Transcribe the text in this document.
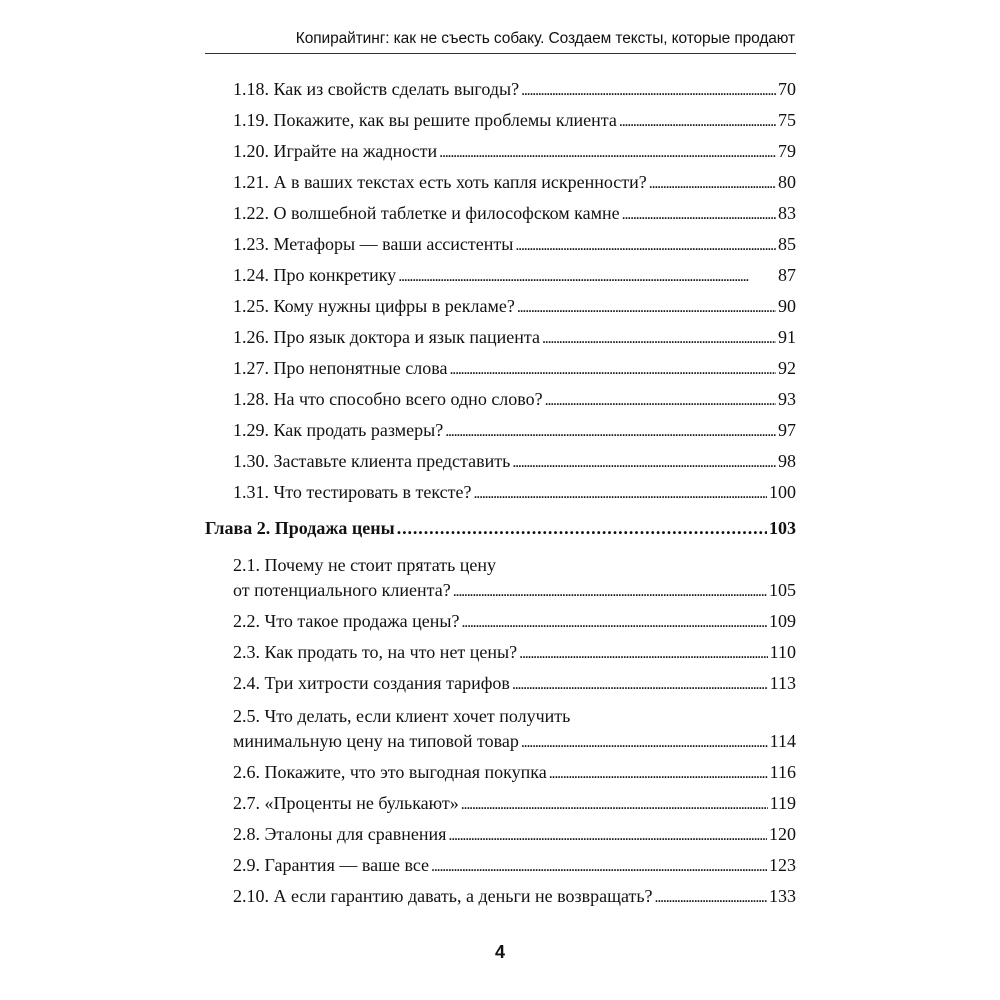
Копирайтинг: как не съесть собаку. Создаем тексты, которые продают
1.18. Как из свойств сделать выгоды? . . .	70
1.19. Покажите, как вы решите проблемы клиента . . .	75
1.20. Играйте на жадности . . .	79
1.21. А в ваших текстах есть хоть капля искренности? . . .	80
1.22. О волшебной таблетке и философском камне . . .	83
1.23. Метафоры — ваши ассистенты . . .	85
1.24. Про конкретику . . .	87
1.25. Кому нужны цифры в рекламе? . . .	90
1.26. Про язык доктора и язык пациента . . .	91
1.27. Про непонятные слова . . .	92
1.28. На что способно всего одно слово? . . .	93
1.29. Как продать размеры? . . .	97
1.30. Заставьте клиента представить . . .	98
1.31. Что тестировать в тексте? . . .	100
Глава 2. Продажа цены . . .	103
2.1. Почему не стоит прятать цену
от потенциального клиента? . . .	105
2.2. Что такое продажа цены? . . .	109
2.3. Как продать то, на что нет цены? . . .	110
2.4. Три хитрости создания тарифов . . .	113
2.5. Что делать, если клиент хочет получить
минимальную цену на типовой товар . . .	114
2.6. Покажите, что это выгодная покупка . . .	116
2.7. «Проценты не булькают» . . .	119
2.8. Эталоны для сравнения . . .	120
2.9. Гарантия — ваше все . . .	123
2.10. А если гарантию давать, а деньги не возвращать? . . .	133
4
